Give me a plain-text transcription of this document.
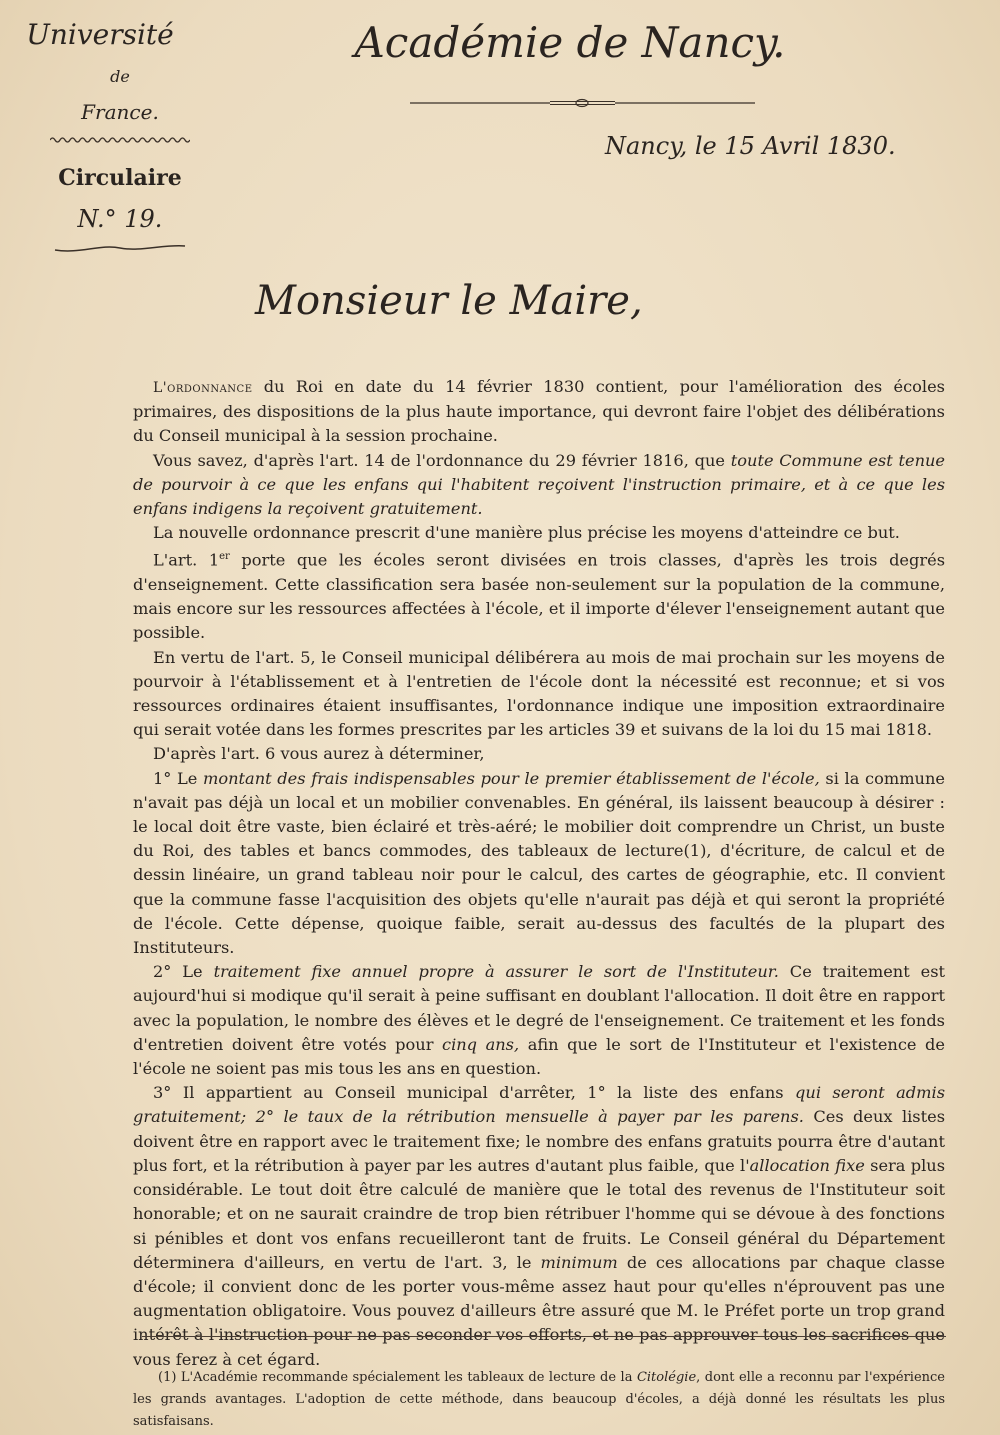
Université
de
France.
Circulaire
N.° 19.
Académie de Nancy.
Nancy, le 15 Avril 1830.
Monsieur le Maire,

L'ordonnance du Roi en date du 14 février 1830 contient, pour l'amélioration des écoles primaires, des dispositions de la plus haute importance, qui devront faire l'objet des délibérations du Conseil municipal à la session prochaine.

Vous savez, d'après l'art. 14 de l'ordonnance du 29 février 1816, que toute Commune est tenue de pourvoir à ce que les enfans qui l'habitent reçoivent l'instruction primaire, et à ce que les enfans indigens la reçoivent gratuitement.

La nouvelle ordonnance prescrit d'une manière plus précise les moyens d'atteindre ce but.

L'art. 1er porte que les écoles seront divisées en trois classes, d'après les trois degrés d'enseignement. Cette classification sera basée non-seulement sur la population de la commune, mais encore sur les ressources affectées à l'école, et il importe d'élever l'enseignement autant que possible.

En vertu de l'art. 5, le Conseil municipal délibérera au mois de mai prochain sur les moyens de pourvoir à l'établissement et à l'entretien de l'école dont la nécessité est reconnue; et si vos ressources ordinaires étaient insuffisantes, l'ordonnance indique une imposition extraordinaire qui serait votée dans les formes prescrites par les articles 39 et suivans de la loi du 15 mai 1818.

D'après l'art. 6 vous aurez à déterminer,

1° Le montant des frais indispensables pour le premier établissement de l'école, si la commune n'avait pas déjà un local et un mobilier convenables. En général, ils laissent beaucoup à désirer : le local doit être vaste, bien éclairé et très-aéré; le mobilier doit comprendre un Christ, un buste du Roi, des tables et bancs commodes, des tableaux de lecture(1), d'écriture, de calcul et de dessin linéaire, un grand tableau noir pour le calcul, des cartes de géographie, etc. Il convient que la commune fasse l'acquisition des objets qu'elle n'aurait pas déjà et qui seront la propriété de l'école. Cette dépense, quoique faible, serait au-dessus des facultés de la plupart des Instituteurs.

2° Le traitement fixe annuel propre à assurer le sort de l'Instituteur. Ce traitement est aujourd'hui si modique qu'il serait à peine suffisant en doublant l'allocation. Il doit être en rapport avec la population, le nombre des élèves et le degré de l'enseignement. Ce traitement et les fonds d'entretien doivent être votés pour cinq ans, afin que le sort de l'Instituteur et l'existence de l'école ne soient pas mis tous les ans en question.

3° Il appartient au Conseil municipal d'arrêter, 1° la liste des enfans qui seront admis gratuitement; 2° le taux de la rétribution mensuelle à payer par les parens. Ces deux listes doivent être en rapport avec le traitement fixe; le nombre des enfans gratuits pourra être d'autant plus fort, et la rétribution à payer par les autres d'autant plus faible, que l'allocation fixe sera plus considérable. Le tout doit être calculé de manière que le total des revenus de l'Instituteur soit honorable; et on ne saurait craindre de trop bien rétribuer l'homme qui se dévoue à des fonctions si pénibles et dont vos enfans recueilleront tant de fruits. Le Conseil général du Département déterminera d'ailleurs, en vertu de l'art. 3, le minimum de ces allocations par chaque classe d'école; il convient donc de les porter vous-même assez haut pour qu'elles n'éprouvent pas une augmentation obligatoire. Vous pouvez d'ailleurs être assuré que M. le Préfet porte un trop grand intérêt à l'instruction pour ne pas seconder vos efforts, et ne pas approuver tous les sacrifices que vous ferez à cet égard.

(1) L'Académie recommande spécialement les tableaux de lecture de la Citolégie, dont elle a reconnu par l'expérience les grands avantages. L'adoption de cette méthode, dans beaucoup d'écoles, a déjà donné les résultats les plus satisfaisans.
